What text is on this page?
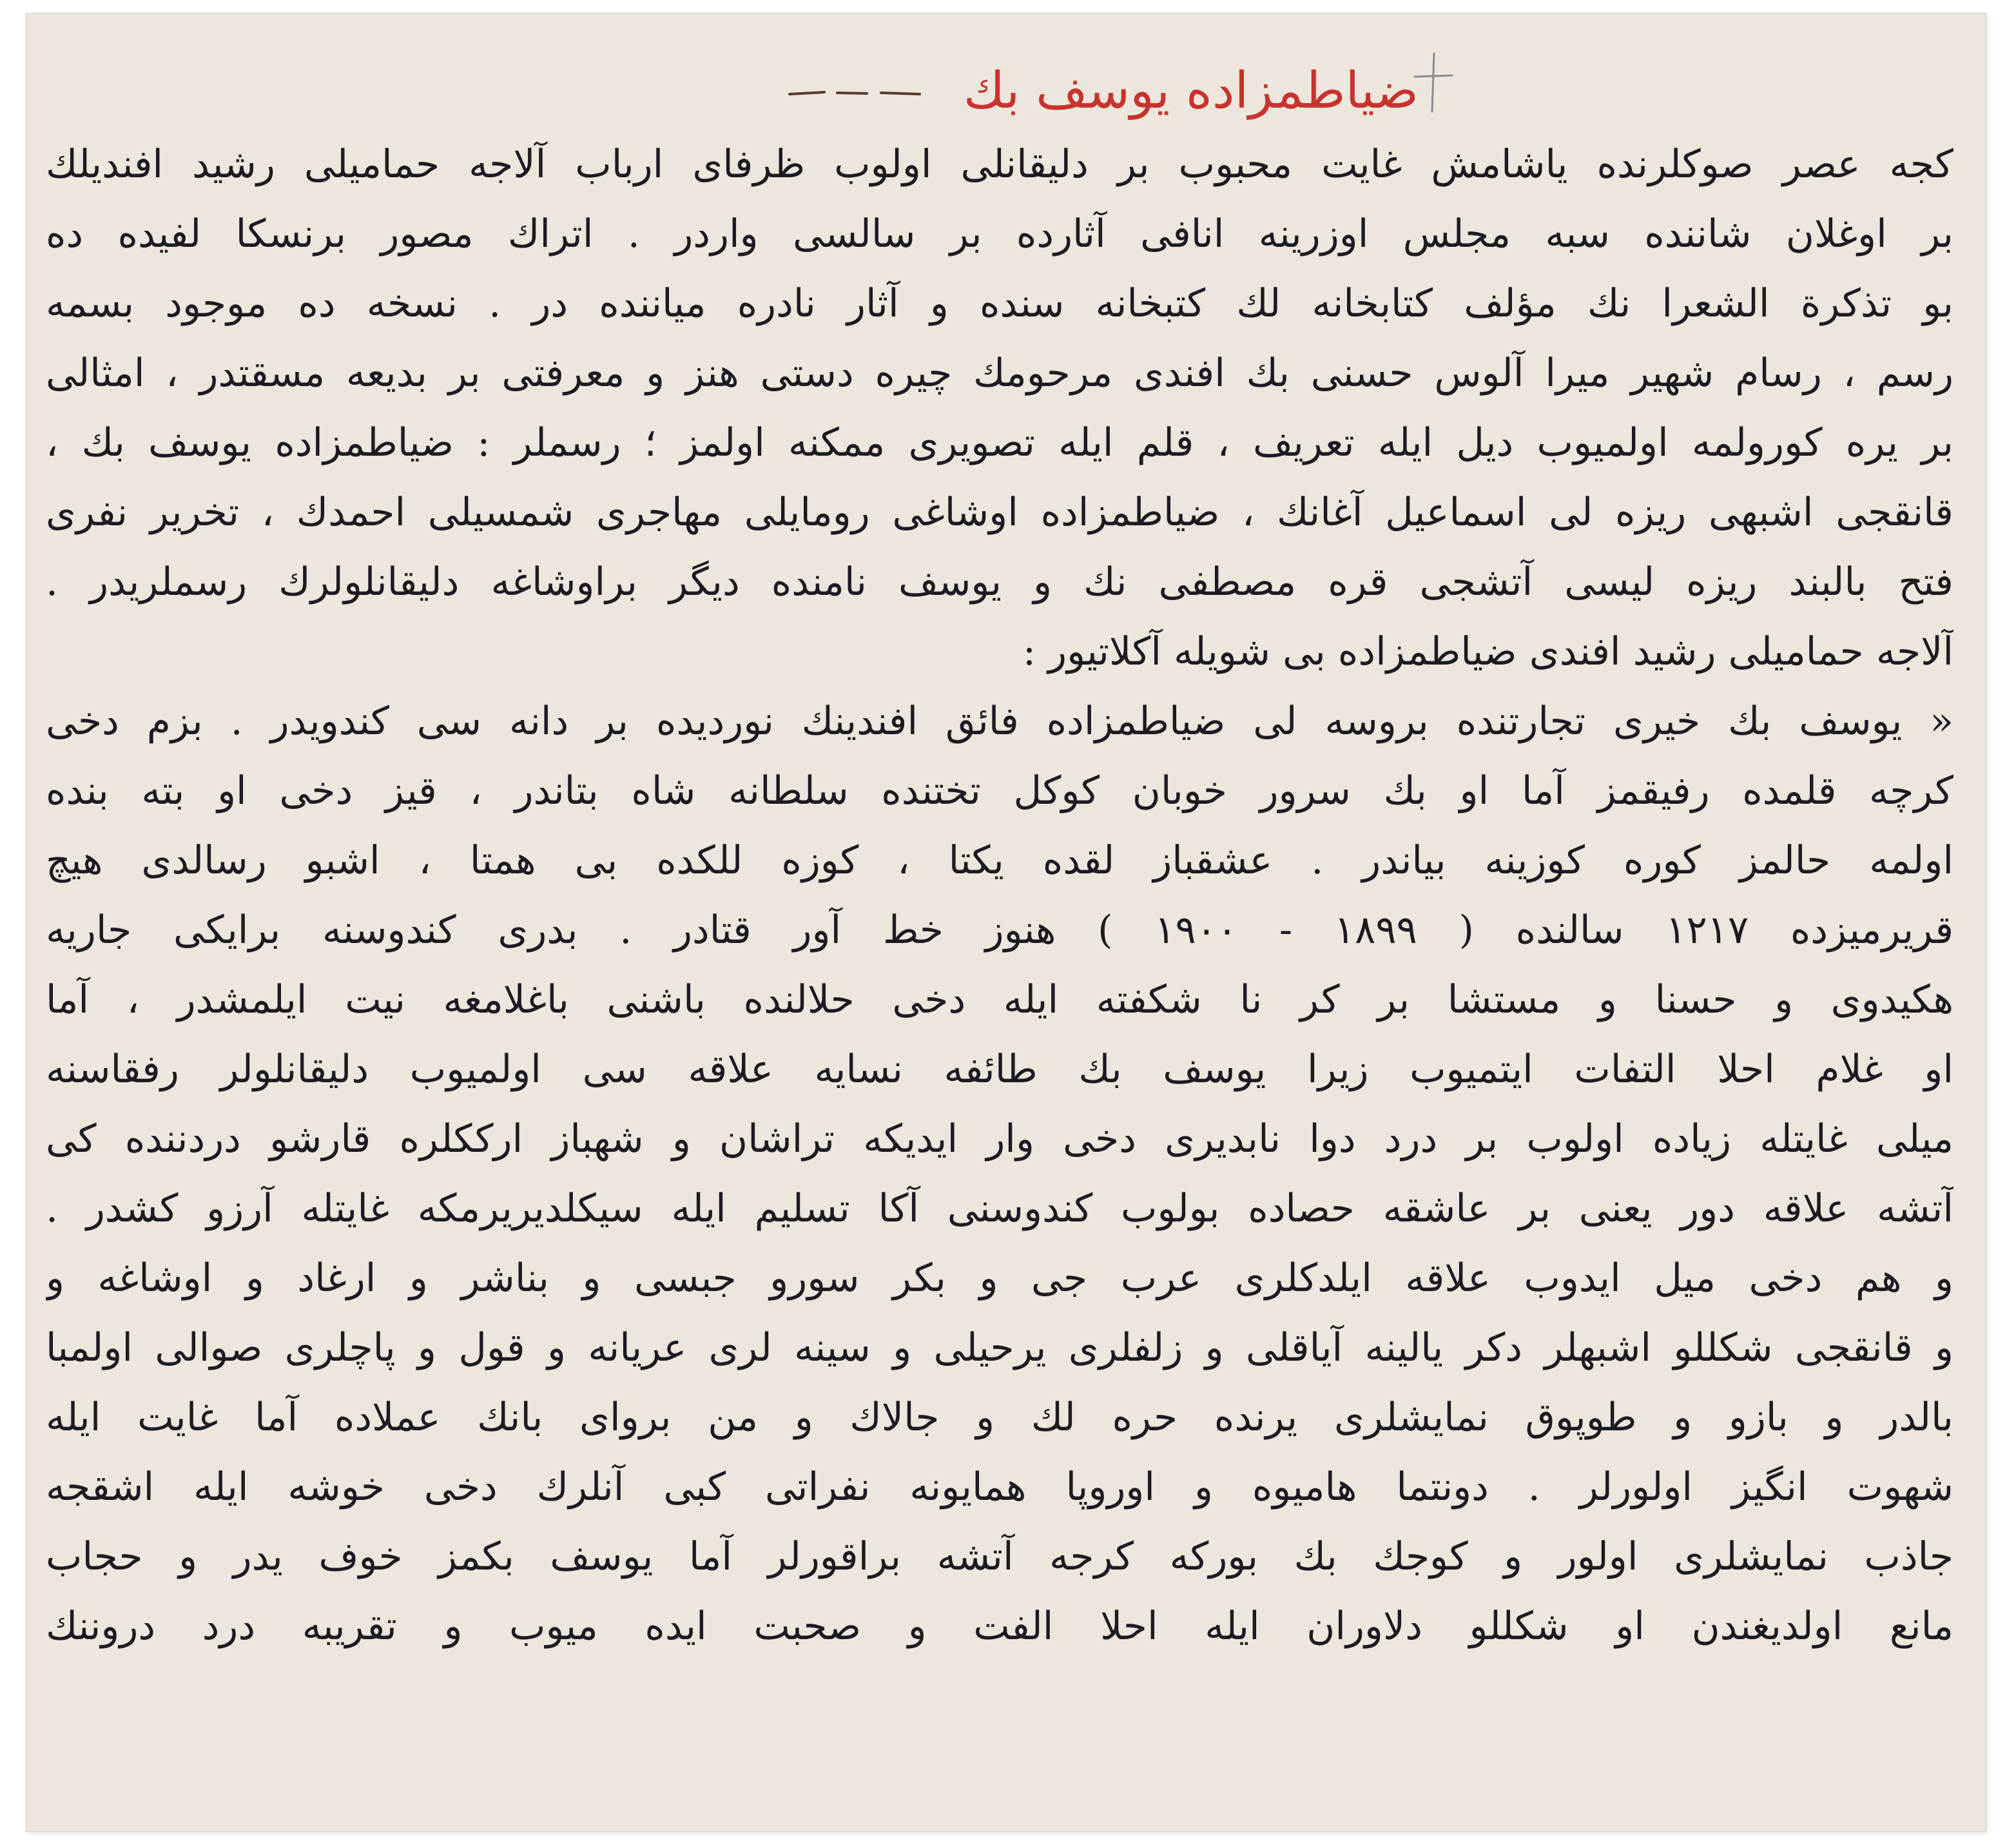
ضیاطمزاده یوسف بك
كجه عصر صوكلرنده یاشامش غایت محبوب بر دلیقانلی اولوب ظرفای ارباب آلاجه حمامیلی رشید افندیلك
بر اوغلان شاننده سبه مجلس اوزرینه انافی آثارده بر سالسی واردر . اتراك مصور برنسكا لفیده ده
بو تذكرة الشعرا نك مؤلف كتابخانه لك كتبخانه سنده و آثار نادره میاننده در . نسخه ده موجود بسمه
رسم ، رسام شهیر میرا آلوس حسنی بك افندی مرحومك چیره دستی هنز و معرفتی بر بدیعه مسقتدر ، امثالی
بر یره كورولمه اولمیوب دیل ایله تعریف ، قلم ایله تصویری ممكنه اولمز ؛ رسملر : ضیاطمزاده یوسف بك ،
قانقجی اشبهی ریزه لی اسماعیل آغانك ، ضیاطمزاده اوشاغی رومایلی مهاجری شمسیلی احمدك ، تخریر نفری
فتح بالبند ریزه لیسی آتشجی قره مصطفی نك و یوسف نامنده دیگر براوشاغه دلیقانلولرك رسملریدر .
آلاجه حمامیلی رشید افندی ضیاطمزاده بی شویله آكلاتیور :
« یوسف بك خیری تجارتنده بروسه لی ضیاطمزاده فائق افندینك نوردیده بر دانه سی كندویدر . بزم دخی
كرچه قلمده رفیقمز آما او بك سرور خوبان كوكل تختنده سلطانه شاه بتاندر ، قیز دخی او بته بنده
اولمه حالمز كوره كوزینه بیاندر . عشقباز لقده یكتا ، كوزه للكده بی همتا ، اشبو رسالدی هیچ
قریرمیزده ١٢١٧ سالنده ( ١٨٩٩ - ١٩٠٠ ) هنوز خط آور قتادر . بدری كندوسنه برایكی جاریه
هكیدوی و حسنا و مستشا بر كر نا شكفته ایله دخی حلالنده باشنی باغلامغه نیت ایلمشدر ، آما
او غلام احلا التفات ایتمیوب زیرا یوسف بك طائفه نسایه علاقه سی اولمیوب دلیقانلولر رفقاسنه
میلی غایتله زیاده اولوب بر درد دوا نابدیری دخی وار ایدیكه تراشان و شهباز ارككلره قارشو دردننده كی
آتشه علاقه دور یعنی بر عاشقه حصاده بولوب كندوسنی آكا تسلیم ایله سیكلدیریرمكه غایتله آرزو كشدر .
و هم دخی میل ایدوب علاقه ایلدكلری عرب جی و بكر سورو جبسی و بناشر و ارغاد و اوشاغه و
و قانقجی شكللو اشبهلر دكر یالینه آیاقلی و زلفلری یرحیلی و سینه لری عریانه و قول و پاچلری صوالی اولمبا
بالدر و بازو و طوپوق نمایشلری یرنده حره لك و جالاك و من بروای بانك عملاده آما غایت ایله
شهوت انگیز اولورلر . دونتما هامیوه و اوروپا همایونه نفراتی كبی آنلرك دخی خوشه ایله اشقجه
جاذب نمایشلری اولور و كوجك بك بوركه كرجه آتشه براقورلر آما یوسف بكمز خوف یدر و حجاب
مانع اولدیغندن او شكللو دلاوران ایله احلا الفت و صحبت ایده میوب و تقریبه درد دروننك
